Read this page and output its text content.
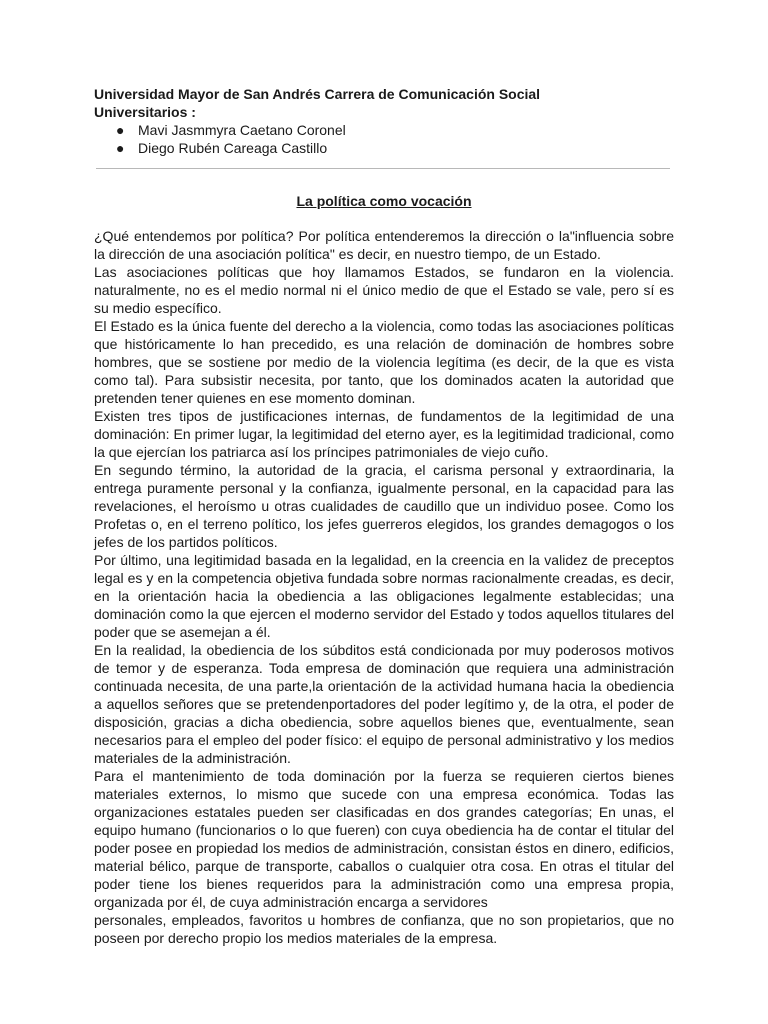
Universidad Mayor de San Andrés Carrera de Comunicación Social
Universitarios :
● Mavi Jasmmyra Caetano Coronel
● Diego Rubén Careaga Castillo
La política como vocación

¿Qué entendemos por política? Por política entenderemos la dirección o la"influencia sobre la dirección de una asociación política" es decir, en nuestro tiempo, de un Estado.

Las asociaciones políticas que hoy llamamos Estados, se fundaron en la violencia. naturalmente, no es el medio normal ni el único medio de que el Estado se vale, pero sí es su medio específico.

El Estado es la única fuente del derecho a la violencia, como todas las asociaciones políticas que históricamente lo han precedido, es una relación de dominación de hombres sobre hombres, que se sostiene por medio de la violencia legítima (es decir, de la que es vista como tal). Para subsistir necesita, por tanto, que los dominados acaten la autoridad que pretenden tener quienes en ese momento dominan.

Existen tres tipos de justificaciones internas, de fundamentos de la legitimidad de una dominación: En primer lugar, la legitimidad del eterno ayer, es la legitimidad tradicional, como la que ejercían los patriarca así los príncipes patrimoniales de viejo cuño.

En segundo término, la autoridad de la gracia, el carisma personal y extraordinaria, la entrega puramente personal y la confianza, igualmente personal, en la capacidad para las revelaciones, el heroísmo u otras cualidades de caudillo que un individuo posee. Como los Profetas o, en el terreno político, los jefes guerreros elegidos, los grandes demagogos o los jefes de los partidos políticos.

Por último, una legitimidad basada en la legalidad, en la creencia en la validez de preceptos legal es y en la competencia objetiva fundada sobre normas racionalmente creadas, es decir, en la orientación hacia la obediencia a las obligaciones legalmente establecidas; una dominación como la que ejercen el moderno servidor del Estado y todos aquellos titulares del poder que se asemejan a él.

En la realidad, la obediencia de los súbditos está condicionada por muy poderosos motivos de temor y de esperanza. Toda empresa de dominación que requiera una administración continuada necesita, de una parte,la orientación de la actividad humana hacia la obediencia a aquellos señores que se pretendenportadores del poder legítimo y, de la otra, el poder de disposición, gracias a dicha obediencia, sobre aquellos bienes que, eventualmente, sean necesarios para el empleo del poder físico: el equipo de personal administrativo y los medios materiales de la administración.

Para el mantenimiento de toda dominación por la fuerza se requieren ciertos bienes materiales externos, lo mismo que sucede con una empresa económica. Todas las organizaciones estatales pueden ser clasificadas en dos grandes categorías; En unas, el equipo humano (funcionarios o lo que fueren) con cuya obediencia ha de contar el titular del poder posee en propiedad los medios de administración, consistan éstos en dinero, edificios, material bélico, parque de transporte, caballos o cualquier otra cosa. En otras el titular del poder tiene los bienes requeridos para la administración como una empresa propia, organizada por él, de cuya administración encarga a servidores

personales, empleados, favoritos u hombres de confianza, que no son propietarios, que no poseen por derecho propio los medios materiales de la empresa.
